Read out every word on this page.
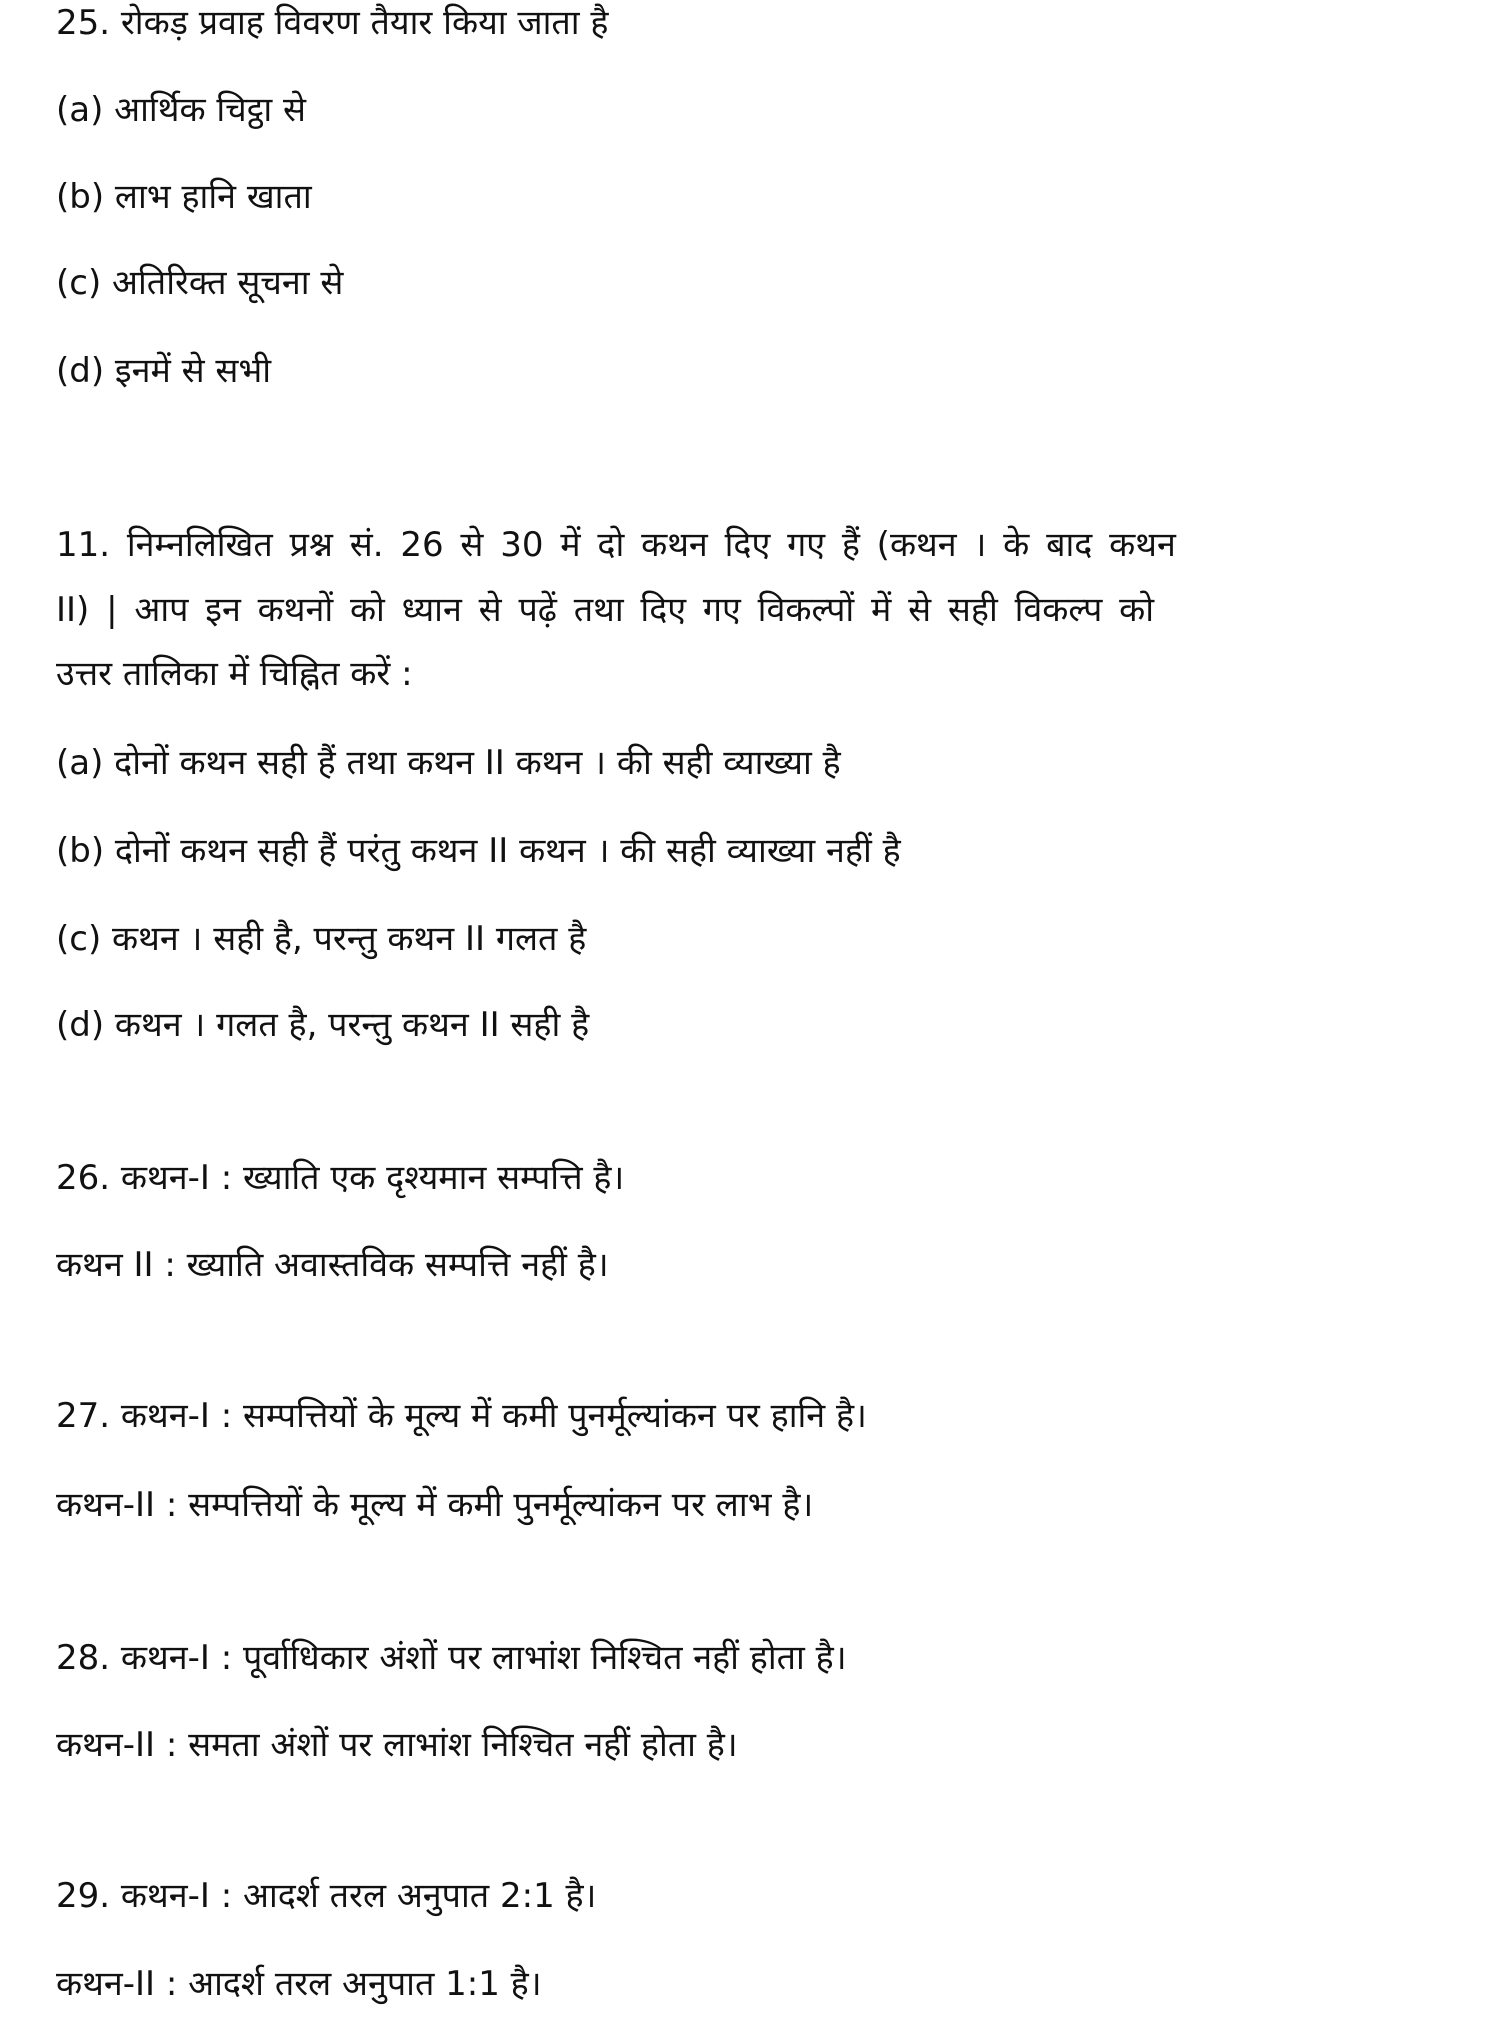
25. रोकड़ प्रवाह विवरण तैयार किया जाता है
(a) आर्थिक चिट्ठा से
(b) लाभ हानि खाता
(c) अतिरिक्त सूचना से
(d) इनमें से सभी
11. निम्नलिखित प्रश्न सं. 26 से 30 में दो कथन दिए गए हैं (कथन । के बाद कथन
II) | आप इन कथनों को ध्यान से पढ़ें तथा दिए गए विकल्पों में से सही विकल्प को
उत्तर तालिका में चिह्नित करें :
(a) दोनों कथन सही हैं तथा कथन II कथन । की सही व्याख्या है
(b) दोनों कथन सही हैं परंतु कथन II कथन । की सही व्याख्या नहीं है
(c) कथन । सही है, परन्तु कथन II गलत है
(d) कथन । गलत है, परन्तु कथन II सही है
26. कथन-I : ख्याति एक दृश्यमान सम्पत्ति है।
कथन II : ख्याति अवास्तविक सम्पत्ति नहीं है।
27. कथन-I : सम्पत्तियों के मूल्य में कमी पुनर्मूल्यांकन पर हानि है।
कथन-II : सम्पत्तियों के मूल्य में कमी पुनर्मूल्यांकन पर लाभ है।
28. कथन-I : पूर्वाधिकार अंशों पर लाभांश निश्चित नहीं होता है।
कथन-II : समता अंशों पर लाभांश निश्चित नहीं होता है।
29. कथन-I : आदर्श तरल अनुपात 2:1 है।
कथन-II : आदर्श तरल अनुपात 1:1 है।
